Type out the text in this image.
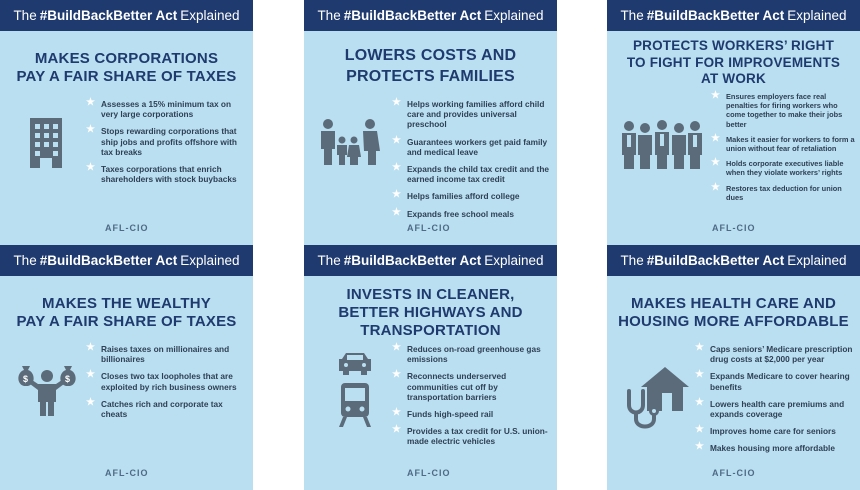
The #BuildBackBetter Act Explained
MAKES CORPORATIONS
PAY A FAIR SHARE OF TAXES
★ Assesses a 15% minimum tax on very large corporations
★ Stops rewarding corporations that ship jobs and profits offshore with tax breaks
★ Taxes corporations that enrich shareholders with stock buybacks
AFL-CIO
The #BuildBackBetter Act Explained
LOWERS COSTS AND
PROTECTS FAMILIES
★ Helps working families afford child care and provides universal preschool
★ Guarantees workers get paid family and medical leave
★ Expands the child tax credit and the earned income tax credit
★ Helps families afford college
★ Expands free school meals
AFL-CIO
The #BuildBackBetter Act Explained
PROTECTS WORKERS’ RIGHT
TO FIGHT FOR IMPROVEMENTS
AT WORK
★ Ensures employers face real penalties for firing workers who come together to make their jobs better
★ Makes it easier for workers to form a union without fear of retaliation
★ Holds corporate executives liable when they violate workers’ rights
★ Restores tax deduction for union dues
AFL-CIO
The #BuildBackBetter Act Explained
MAKES THE WEALTHY
PAY A FAIR SHARE OF TAXES
$	$
★ Raises taxes on millionaires and billionaires
★ Closes two tax loopholes that are exploited by rich business owners
★ Catches rich and corporate tax cheats
AFL-CIO
The #BuildBackBetter Act Explained
INVESTS IN CLEANER,
BETTER HIGHWAYS AND
TRANSPORTATION
★ Reduces on-road greenhouse gas emissions
★ Reconnects underserved communities cut off by transportation barriers
★ Funds high-speed rail
★ Provides a tax credit for U.S. union-made electric vehicles
AFL-CIO
The #BuildBackBetter Act Explained
MAKES HEALTH CARE AND
HOUSING MORE AFFORDABLE
★ Caps seniors’ Medicare prescription drug costs at $2,000 per year
★ Expands Medicare to cover hearing benefits
★ Lowers health care premiums and expands coverage
★ Improves home care for seniors
★ Makes housing more affordable
AFL-CIO
